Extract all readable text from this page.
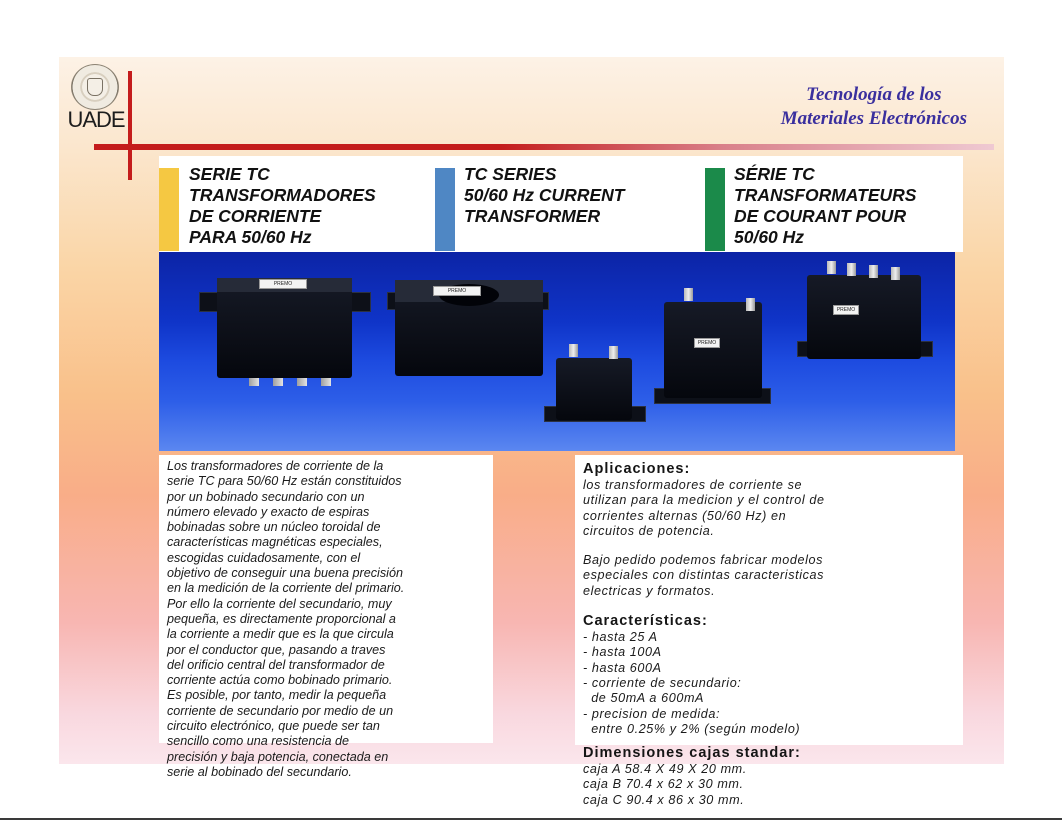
UADE
Tecnología de los
Materiales Electrónicos
SERIE TC
TRANSFORMADORES
DE CORRIENTE
PARA 50/60 Hz
TC SERIES
50/60 Hz CURRENT
TRANSFORMER
SÉRIE TC
TRANSFORMATEURS
DE COURANT POUR
50/60 Hz
PREMO
PREMO
PREMO
PREMO
Los transformadores de corriente de la
serie TC para 50/60 Hz están constituidos
por un bobinado secundario con un
número elevado y exacto de espiras
bobinadas sobre un núcleo toroidal de
características magnéticas especiales,
escogidas cuidadosamente, con el
objetivo de conseguir una buena precisión
en la medición de la corriente del primario.
Por ello la corriente del secundario, muy
pequeña, es directamente proporcional a
la corriente a medir que es la que circula
por el conductor que, pasando a traves
del orificio central del transformador de
corriente actúa como bobinado primario.
Es posible, por tanto, medir la pequeña
corriente de secundario por medio de un
circuito electrónico, que puede ser tan
sencillo como una resistencia de
precisión y baja potencia, conectada en
serie al bobinado del secundario.

Aplicaciones:

los transformadores de corriente se
utilizan para la medicion y el control de
corrientes alternas (50/60 Hz) en
circuitos de potencia.
Bajo pedido podemos fabricar modelos
especiales con distintas caracteristicas
electricas y formatos.

Características:

- hasta 25 A
- hasta 100A
- hasta 600A
- corriente de secundario:
de 50mA a 600mA
- precision de medida:
entre 0.25% y 2% (según modelo)

Dimensiones cajas standar:

caja A 58.4 X 49 X 20 mm.
caja B 70.4 x 62 x 30 mm.
caja C 90.4 x 86 x 30 mm.
